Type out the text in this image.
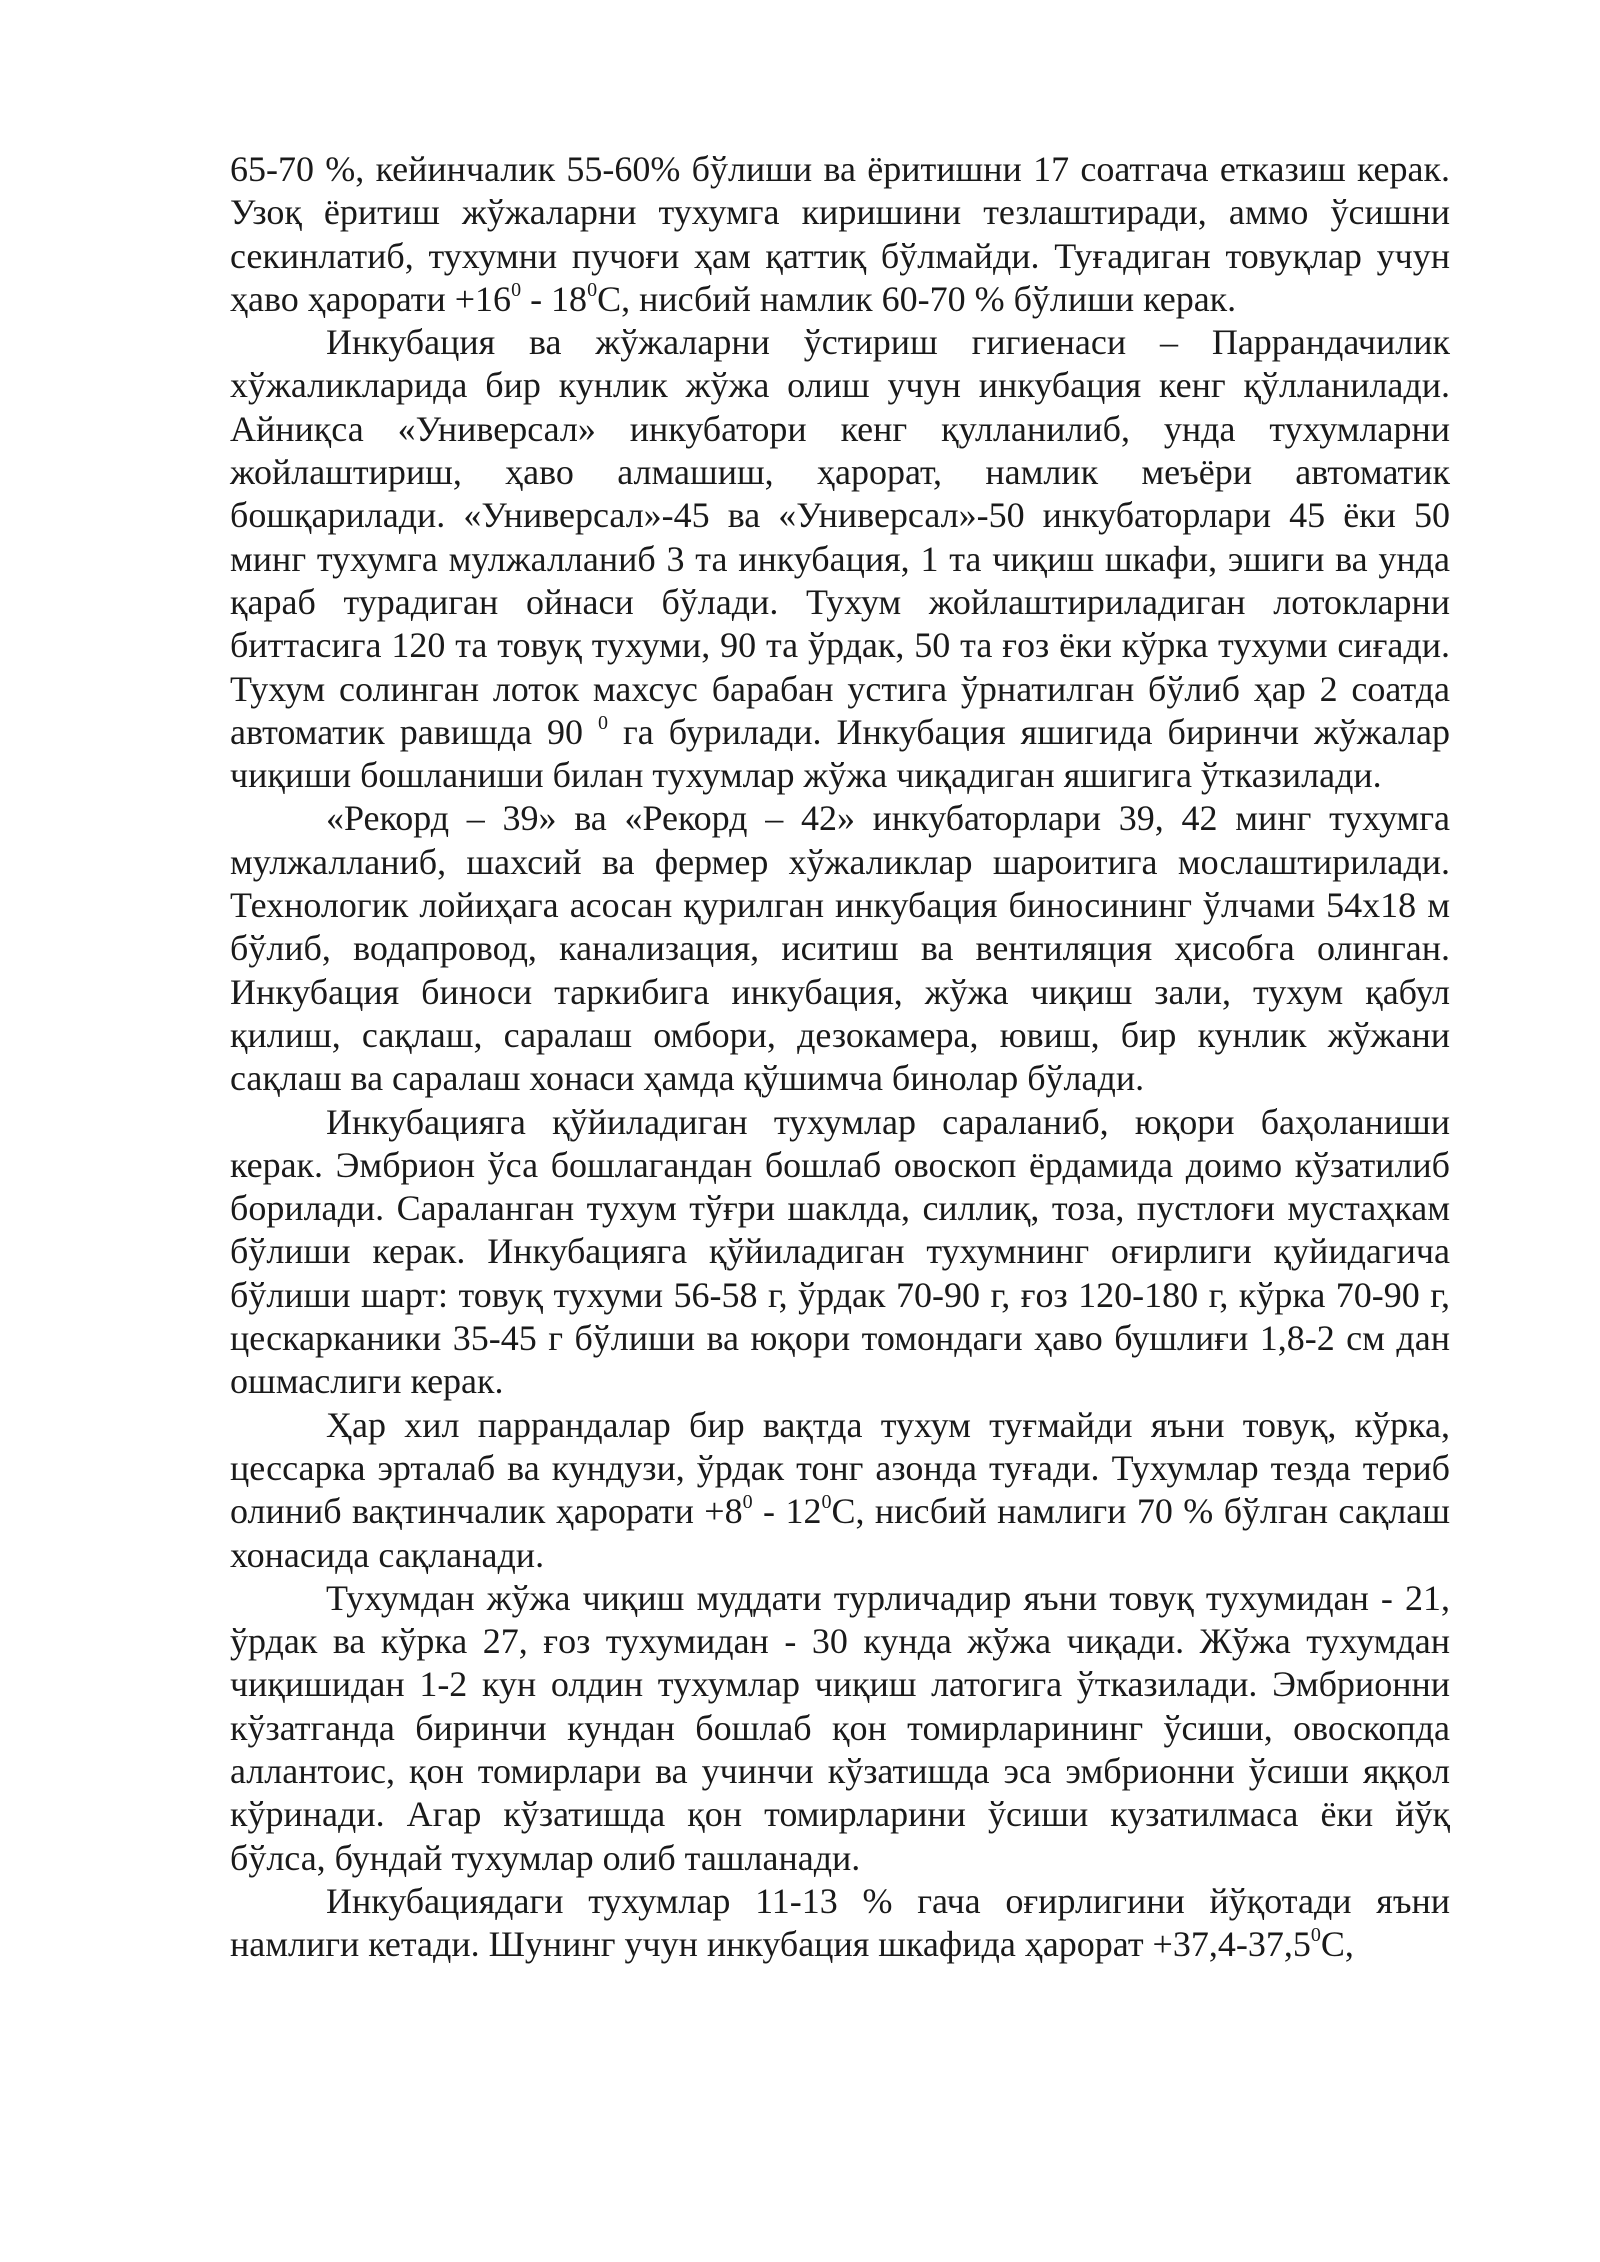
65-70 %, кейинчалик 55-60% бўлиши ва ёритишни 17 соатгача етказиш керак. Узоқ ёритиш жўжаларни тухумга киришини тезлаштиради, аммо ўсишни секинлатиб, тухумни пучоғи ҳам қаттиқ бўлмайди. Туғадиган товуқлар учун ҳаво ҳарорати $+16^0 - 18^0С$, нисбий намлик 60-70 % бўлиши керак.

Инкубация ва жўжаларни ўстириш гигиенаси – Паррандачилик хўжаликларида бир кунлик жўжа олиш учун инкубация кенг қўлланилади. Айниқса «Универсал» инкубатори кенг қулланилиб, унда тухумларни жойлаштириш, ҳаво алмашиш, ҳарорат, намлик меъёри автоматик бошқарилади. «Универсал»-45 ва «Универсал»-50 инкубаторлари 45 ёки 50 минг тухумга мулжалланиб 3 та инкубация, 1 та чиқиш шкафи, эшиги ва унда қараб турадиган ойнаси бўлади. Тухум жойлаштириладиган лотокларни биттасига 120 та товуқ тухуми, 90 та ўрдак, 50 та ғоз ёки кўрка тухуми сиғади. Тухум солинган лоток махсус барабан устига ўрнатилган бўлиб ҳар 2 соатда автоматик равишда 90 $^0$ га бурилади. Инкубация яшигида биринчи жўжалар чиқиши бошланиши билан тухумлар жўжа чиқадиган яшигига ўтказилади.

«Рекорд – 39» ва «Рекорд – 42» инкубаторлари 39, 42 минг тухумга мулжалланиб, шахсий ва фермер хўжаликлар шароитига мослаштирилади. Технологик лойиҳага асосан қурилган инкубация биносининг ўлчами 54х18 м бўлиб, водапровод, канализация, иситиш ва вентиляция ҳисобга олинган. Инкубация биноси таркибига инкубация, жўжа чиқиш зали, тухум қабул қилиш, сақлаш, саралаш омбори, дезокамера, ювиш, бир кунлик жўжани сақлаш ва саралаш хонаси ҳамда қўшимча бинолар бўлади.

Инкубацияга қўйиладиган тухумлар сараланиб, юқори баҳоланиши керак. Эмбрион ўса бошлагандан бошлаб овоскоп ёрдамида доимо кўзатилиб борилади. Сараланган тухум тўғри шаклда, силлиқ, тоза, пустлоғи мустаҳкам бўлиши керак. Инкубацияга қўйиладиган тухумнинг оғирлиги қуйидагича бўлиши шарт: товуқ тухуми 56-58 г, ўрдак 70-90 г, ғоз 120-180 г, кўрка 70-90 г, цескарканики 35-45 г бўлиши ва юқори томондаги ҳаво бушлиғи 1,8-2 см дан ошмаслиги керак.

Ҳар хил паррандалар бир вақтда тухум туғмайди яъни товуқ, кўрка, цессарка эрталаб ва кундузи, ўрдак тонг азонда туғади. Тухумлар тезда териб олиниб вақтинчалик ҳарорати $+8^0 - 12^0С$, нисбий намлиги 70 % бўлган сақлаш хонасида сақланади.

Тухумдан жўжа чиқиш муддати турличадир яъни товуқ тухумидан - 21, ўрдак ва кўрка 27, ғоз тухумидан - 30 кунда жўжа чиқади. Жўжа тухумдан чиқишидан 1-2 кун олдин тухумлар чиқиш латогига ўтказилади. Эмбрионни кўзатганда биринчи кундан бошлаб қон томирларининг ўсиши, овоскопда аллантоис, қон томирлари ва учинчи кўзатишда эса эмбрионни ўсиши яққол кўринади. Агар кўзатишда қон томирларини ўсиши кузатилмаса ёки йўқ бўлса, бундай тухумлар олиб ташланади.

Инкубациядаги тухумлар 11-13 % гача оғирлигини йўқотади яъни намлиги кетади. Шунинг учун инкубация шкафида ҳарорат $+37,4-37,5^0С$,
